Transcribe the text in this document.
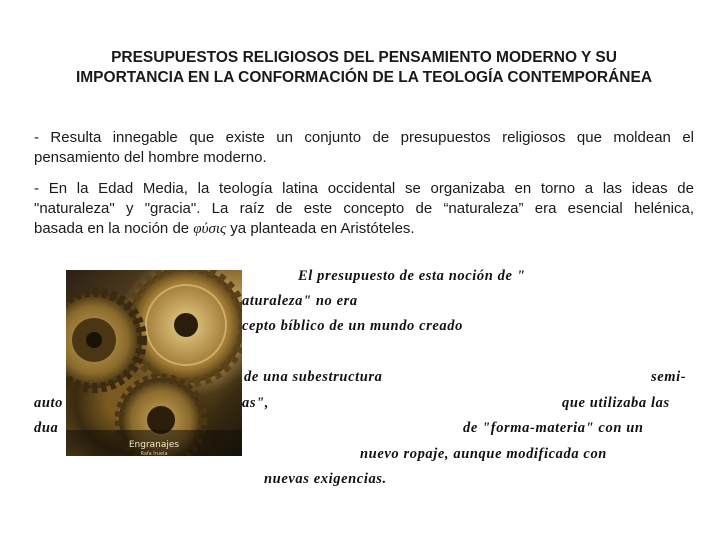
PRESUPUESTOS RELIGIOSOS DEL PENSAMIENTO MODERNO Y SU
IMPORTANCIA EN LA CONFORMACIÓN DE LA TEOLOGÍA CONTEMPORÁNEA
- Resulta innegable que existe un conjunto de presupuestos religiosos que moldean el
pensamiento del hombre moderno.
- En la Edad Media, la teología latina occidental se organizaba en torno a las ideas de
"naturaleza" y "gracia". La raíz de este concepto de “naturaleza” era esencial helénica,
basada en la noción de φύσις ya planteada en Aristóteles.
Engranajes
Rafa Iruela
El presupuesto de esta noción de "
aturaleza" no era
cepto bíblico de un mundo creado
de una subestructura	semi-
auto	as",	que utilizaba las
dua	de "forma-materia" con un
nuevo ropaje, aunque modificada con
nuevas exigencias.
